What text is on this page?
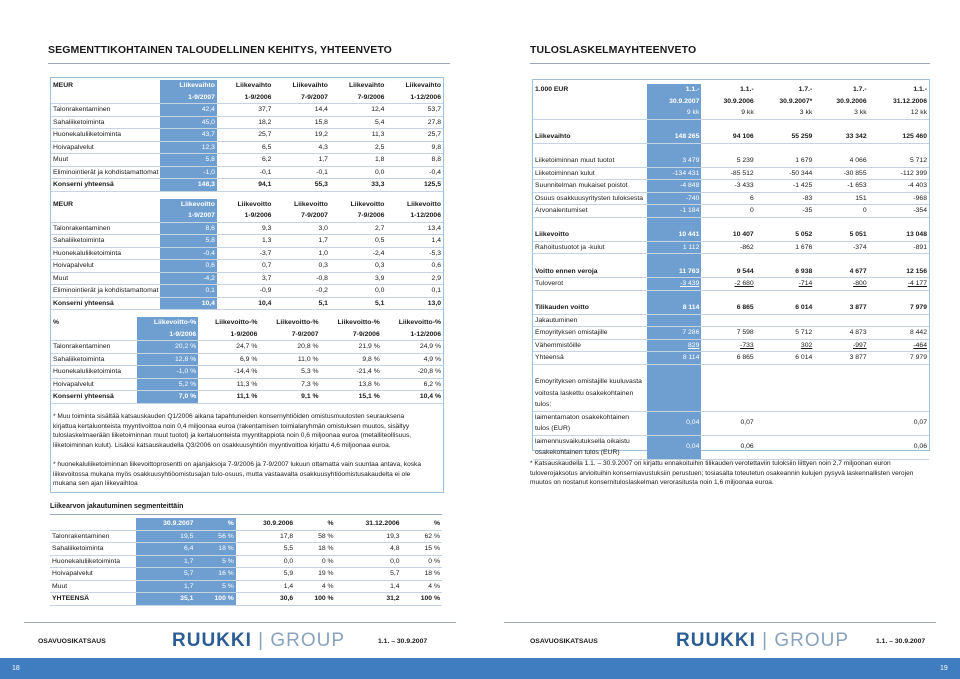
SEGMENTTIKOHTAINEN TALOUDELLINEN KEHITYS, YHTEENVETO
MEUR	Liikevaihto	Liikevaihto	Liikevaihto	Liikevaihto	Liikevaihto
	1-9/2007	1-9/2006	7-9/2007	7-9/2006	1-12/2006
Talonrakentaminen	42,4	37,7	14,4	12,4	53,7
Sahaliiketoiminta	45,0	18,2	15,8	5,4	27,8
Huonekaluliiketoiminta	43,7	25,7	19,2	11,3	25,7
Hoivapalvelut	12,3	6,5	4,3	2,5	9,8
Muut	5,8	6,2	1,7	1,8	8,8
Eliminointierät ja kohdistamattomat	-1,0	-0,1	-0,1	0,0	-0,4
Konserni yhteensä	148,3	94,1	55,3	33,3	125,5
MEUR	Liikevoitto	Liikevoitto	Liikevoitto	Liikevoitto	Liikevoitto
	1-9/2007	1-9/2006	7-9/2007	7-9/2006	1-12/2006
Talonrakentaminen	8,6	9,3	3,0	2,7	13,4
Sahaliiketoiminta	5,8	1,3	1,7	0,5	1,4
Huonekaluliiketoiminta	-0,4	-3,7	1,0	-2,4	-5,3
Hoivapalvelut	0,6	0,7	0,3	0,3	0,6
Muut	-4,2	3,7	-0,8	3,9	2,9
Eliminointierät ja kohdistamattomat	0,1	-0,9	-0,2	0,0	0,1
Konserni yhteensä	10,4	10,4	5,1	5,1	13,0
%	Liikevoitto-%	Liikevoitto-%	Liikevoitto-%	Liikevoitto-%	Liikevoitto-%
	1-9/2006	1-9/2006	7-9/2007	7-9/2006	1-12/2006
Talonrakentaminen	20,2 %	24,7 %	20,8 %	21,9 %	24,9 %
Sahaliiketoiminta	12,8 %	6,9 %	11,0 %	9,8 %	4,9 %
Huonekaluliiketoiminta	-1,0 %	-14,4 %	5,3 %	-21,4 %	-20,8 %
Hoivapalvelut	5,2 %	11,3 %	7,3 %	13,8 %	6,2 %
Konserni yhteensä	7,0 %	11,1 %	9,1 %	15,1 %	10,4 %
* Muu toiminta sisältää katsauskauden Q1/2006 aikana tapahtuneiden konsernyhtiöiden omistusmuutosten seurauksena kirjattua kertaluonteista myyntivoittoa noin 0,4 miljoonaa euroa (rakentamisen toimialaryhmän omistuksen muutos, sisältyy tuloslaskelmaerään liiketoiminnan muut tuotot) ja kertaluonteista myyntitappiota noin 0,6 miljoonaa euroa (metalliteollisuus, liiketoiminnan kulut). Lisäksi katsauskaudella Q3/2006 on osakkuusyhtiön myyntivoittoa kirjattu 4,6 miljoonaa euroa.
* huonekaluliiketoiminnan liikevoittoprosentti on ajanjaksoja 7-9/2006 ja 7-9/2007 lukuun ottamatta vain suuntaa antava, koska liikevoitossa mukana myös osakkuusyhtiöomistusajan tulo-osuus, mutta vastaavalta osakkuusyhtiöomistusakaudelta ei ole mukana sen ajan liikevaihtoa
Liikearvon jakautuminen segmenteittäin
	30.9.2007	%	30.9.2006	%	31.12.2006	%
Talonrakentaminen	19,5	56 %	17,8	58 %	19,3	62 %
Sahaliiketoiminta	6,4	18 %	5,5	18 %	4,8	15 %
Huonekaluliiketoiminta	1,7	5 %	0,0	0 %	0,0	0 %
Hoivapalvelut	5,7	16 %	5,9	19 %	5,7	18 %
Muut	1,7	5 %	1,4	4 %	1,4	4 %
YHTEENSÄ	35,1	100 %	30,6	100 %	31,2	100 %
OSAVUOSIKATSAUS	RUUKKI | GROUP	1.1. – 30.9.2007
18
TULOSLASKELMAYHTEENVETO
1.000 EUR	1.1.-	1.1.-	1.7.-	1.7.-	1.1.-
	30.9.2007	30.9.2006	30.9.2007*	30.9.2006	31.12.2006
	9 kk	9 kk	3 kk	3 kk	12 kk

Liikevaihto	148 265	94 106	55 259	33 342	125 460

Liiketoiminnan muut tuotot	3 479	5 239	1 679	4 066	5 712
Liiketoiminnan kulut	-134 431	-85 512	-50 344	-30 855	-112 399
Suunnitelman mukaiset poistot	-4 848	-3 433	-1 425	-1 653	-4 403
Osuus osakkuusyritysten tuloksesta	-740	6	-83	151	-968
Arvonalentumiset	-1 184	0	-35	0	-354

Liikevoitto	10 441	10 407	5 052	5 051	13 048
Rahoitustuotot ja -kulut	1 112	-862	1 676	-374	-891

Voitto ennen veroja	11 763	9 544	6 938	4 677	12 156
Tuloverot	-3 439	-2 680	-714	-800	-4 177

Tilikauden voitto	8 114	6 865	6 014	3 877	7 979
Jakautuminen					
Emoyrityksen omistajille	7 286	7 598	5 712	4 873	8 442
Vähemmistöille	829	-733	302	-997	-464
Yhteensä	8 114	6 865	6 014	3 877	7 979

Emoyrityksen omistajille kuuluvasta voitosta laskettu osakekohtainen tulos:					
laimentamaton osakekohtainen tulos (EUR)	0,04	0,07			0,07
laimennusvaikutuksella oikaistu osakekohtainen tulos (EUR)	0,04	0,06			0,06
* Katsauskaudella 1.1. – 30.9.2007 on kirjattu ennakoituihin tilikauden verotettaviin tuloksiin liittyen noin 2,7 miljoonan euron tuloverojaksotus arvioituihin konserniavustuksiin perustuen; tosiasalta toteutetun osakeannin kulujen pysyvä laskennallisten verojen muutos on nostanut konsernituloslaskelman verorasitusta noin 1,6 miljoonaa euroa.
OSAVUOSIKATSAUS	RUUKKI | GROUP	1.1. – 30.9.2007
19
